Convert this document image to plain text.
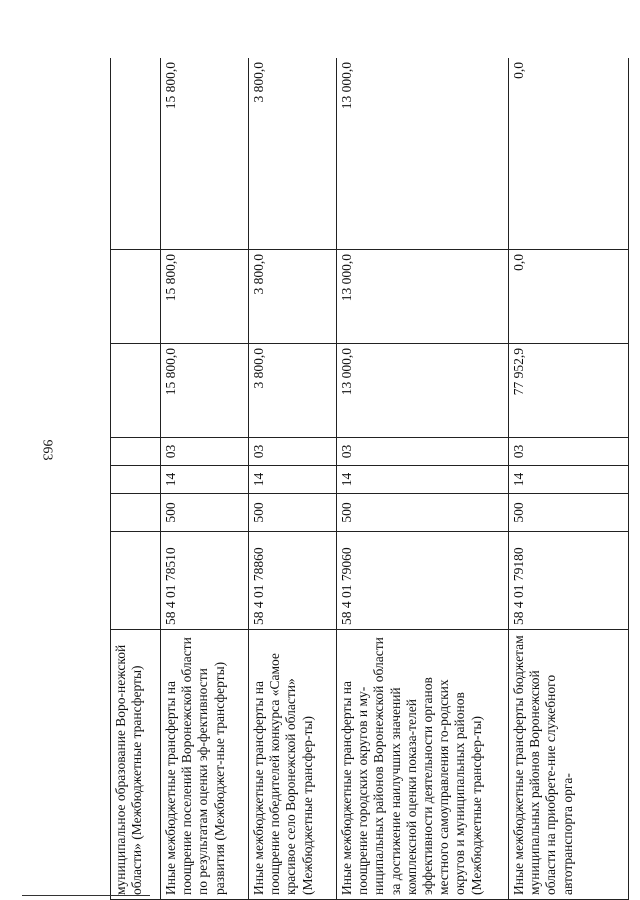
963
муниципальное образование Воро-нежской области» (Межбюджетные трансферты)							
Иные межбюджетные трансферты на поощрение поселений Воронежской области по результатам оценки эф-фективности развития (Межбюджет-ные трансферты)	58 4 01 78510	500	14	03	15 800,0	15 800,0	15 800,0
Иные межбюджетные трансферты на поощрение победителей конкурса «Самое красивое село Воронежской области» (Межбюджетные трансфер-ты)	58 4 01 78860	500	14	03	3 800,0	3 800,0	3 800,0
Иные межбюджетные трансферты на поощрение городских округов и му-ниципальных районов Воронежской области за достижение наилучших значений комплексной оценки показа-телей эффективности деятельности органов местного самоуправления го-родских округов и муниципальных районов (Межбюджетные трансфер-ты)	58 4 01 79060	500	14	03	13 000,0	13 000,0	13 000,0
Иные межбюджетные трансферты бюджетам муниципальных районов Воронежской области на приобрете-ние служебного автотранспорта орга-	58 4 01 79180	500	14	03	77 952,9	0,0	0,0
